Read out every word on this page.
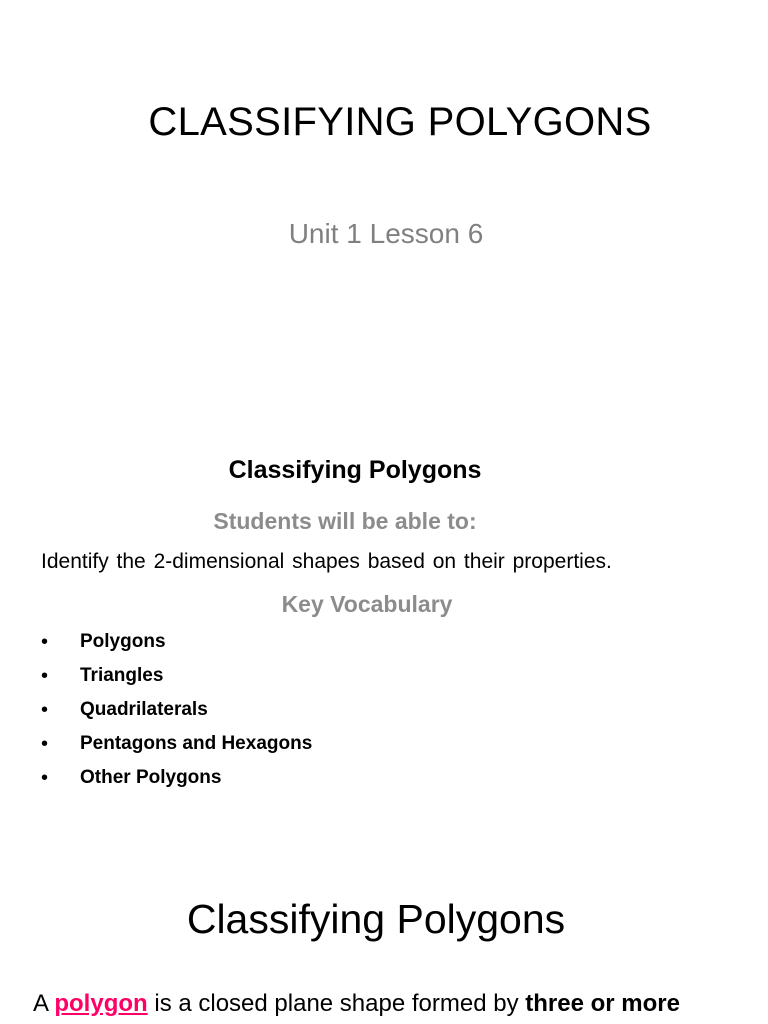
CLASSIFYING POLYGONS
Unit 1 Lesson 6
Classifying Polygons
Students will be able to:
Identify the 2-dimensional shapes based on their properties.
Key Vocabulary
• Polygons
• Triangles
• Quadrilaterals
• Pentagons and Hexagons
• Other Polygons
Classifying Polygons
A polygon is a closed plane shape formed by three or more
